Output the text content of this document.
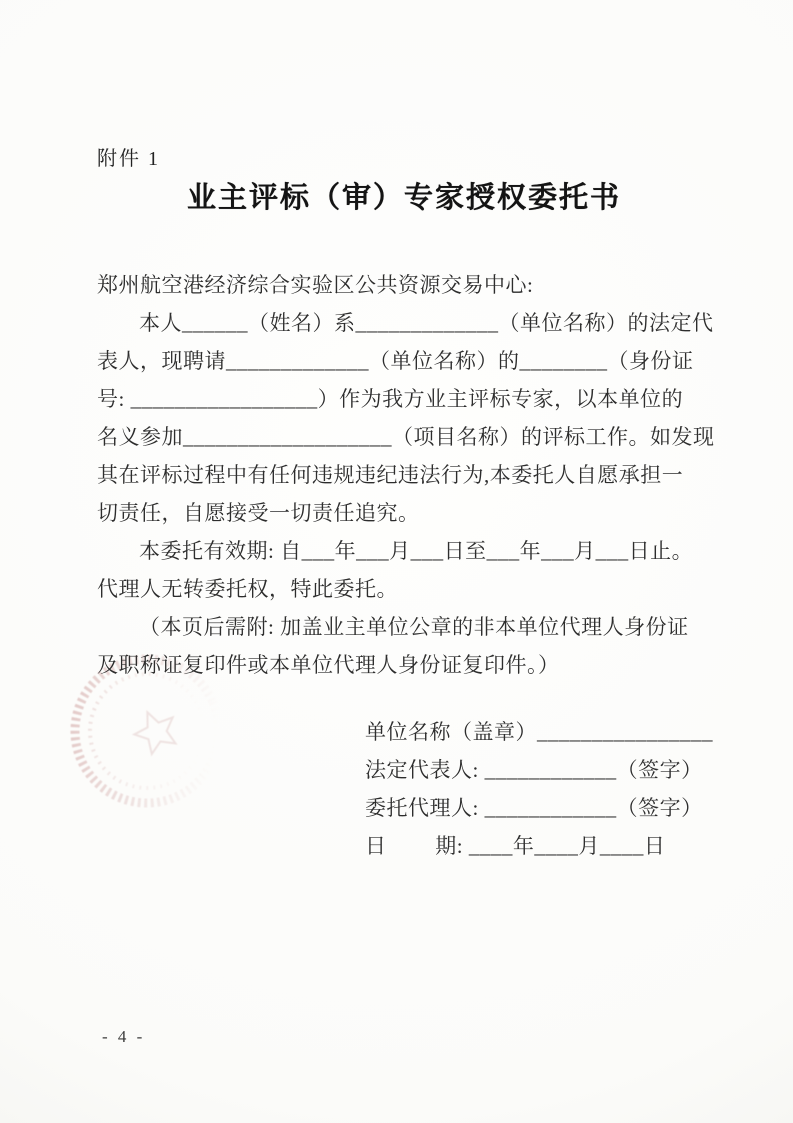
附件 1
业主评标（审）专家授权委托书
郑州航空港经济综合实验区公共资源交易中心:
本人______（姓名）系_____________（单位名称）的法定代
表人，现聘请_____________（单位名称）的________（身份证
号: _________________）作为我方业主评标专家，以本单位的
名义参加___________________（项目名称）的评标工作。如发现
其在评标过程中有任何违规违纪违法行为,本委托人自愿承担一
切责任，自愿接受一切责任追究。
本委托有效期: 自___年___月___日至___年___月___日止。
代理人无转委托权，特此委托。
（本页后需附: 加盖业主单位公章的非本单位代理人身份证
及职称证复印件或本单位代理人身份证复印件。）
单位名称（盖章）________________
法定代表人: ____________（签字）
委托代理人: ____________（签字）
日　　 期: ____年____月____日
- 4 -
